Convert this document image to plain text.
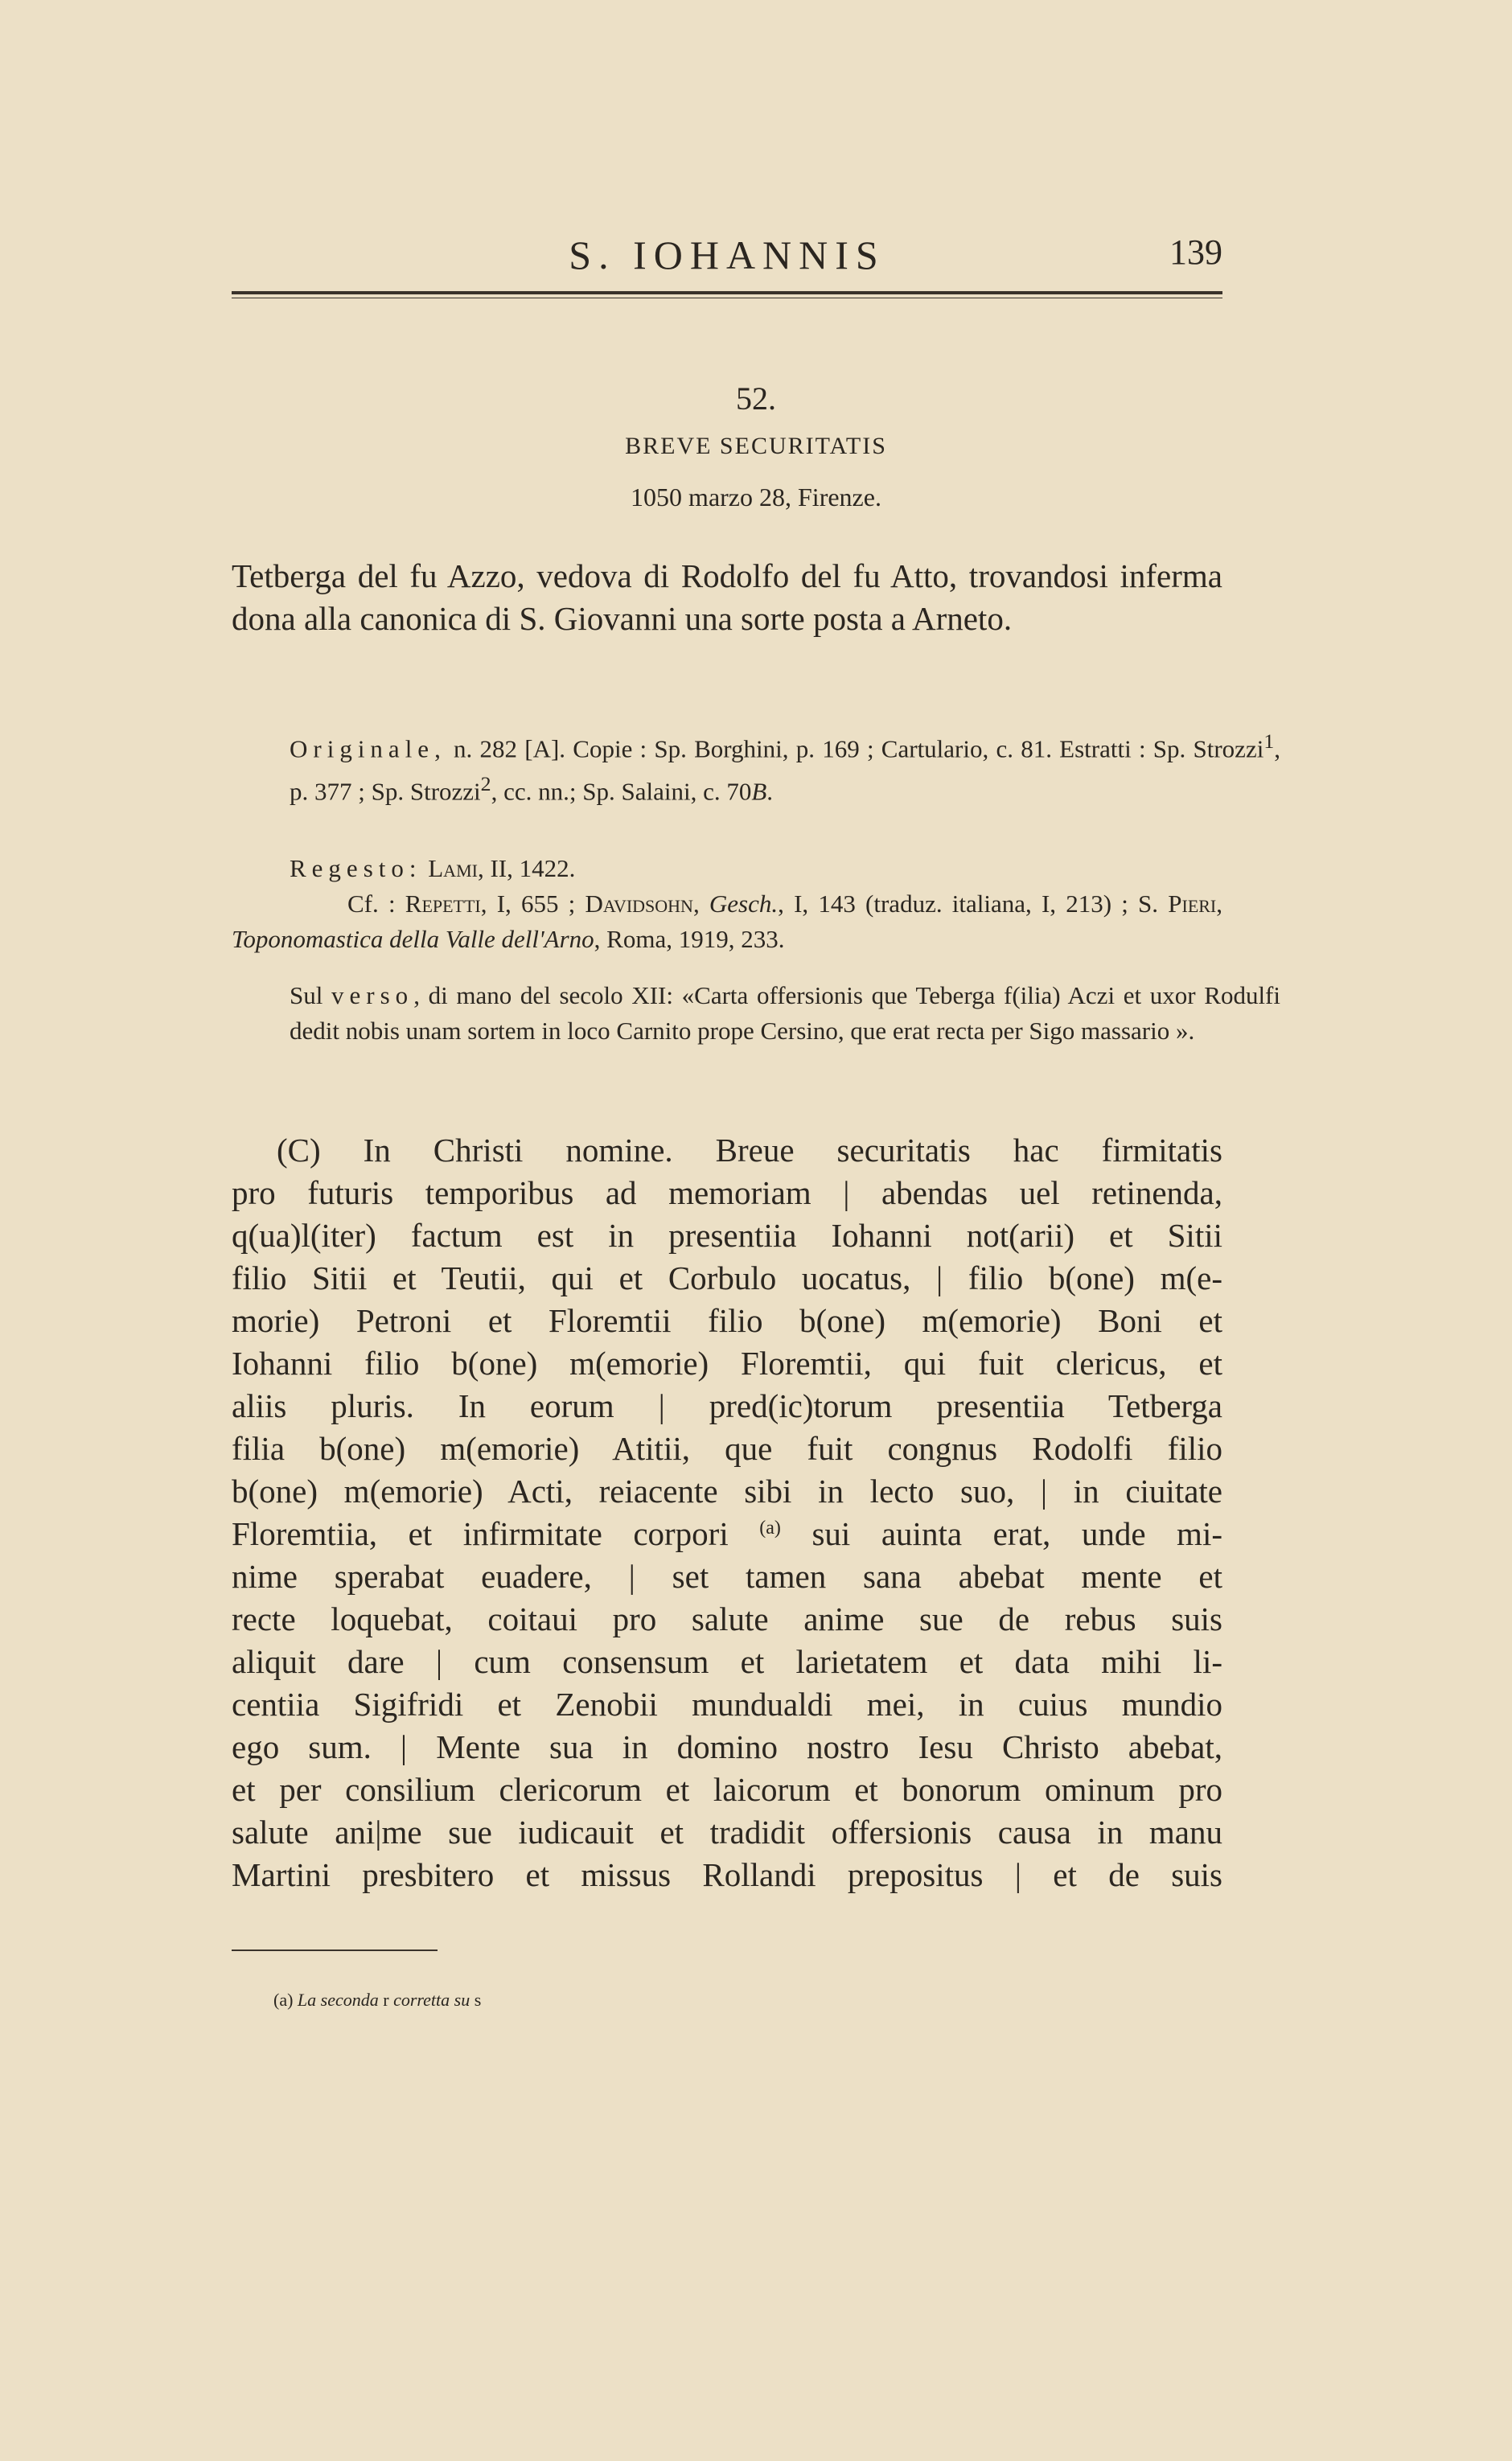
S. IOHANNIS	139
52.
BREVE SECURITATIS
1050 marzo 28, Firenze.

Tetberga del fu Azzo, vedova di Rodolfo del fu Atto, trovandosi inferma dona alla canonica di S. Giovanni una sorte posta a Arneto.

Originale, n. 282 [A]. Copie : Sp. Borghini, p. 169 ; Cartulario, c. 81. Estratti : Sp. Strozzi$^1$, p. 377 ; Sp. Strozzi$^2$, cc. nn.; Sp. Salaini, c. 70B.

Regesto: Lami, II, 1422.
Cf. : Repetti, I, 655 ; Davidsohn, Gesch., I, 143 (traduz. italiana, I, 213) ; S. Pieri, Toponomastica della Valle dell'Arno, Roma, 1919, 233.

Sul verso, di mano del secolo XII: «Carta offersionis que Teberga f(ilia) Aczi et uxor Rodulfi dedit nobis unam sortem in loco Carnito prope Cersino, que erat recta per Sigo massario ».

(C) In Christi nomine. Breue securitatis hac firmitatis
pro futuris temporibus ad memoriam | abendas uel retinenda,
q(ua)l(iter) factum est in presentiia Iohanni not(arii) et Sitii
filio Sitii et Teutii, qui et Corbulo uocatus, | filio b(one) m(e-
morie) Petroni et Floremtii filio b(one) m(emorie) Boni et
Iohanni filio b(one) m(emorie) Floremtii, qui fuit clericus, et
aliis pluris. In eorum | pred(ic)torum presentiia Tetberga
filia b(one) m(emorie) Atitii, que fuit congnus Rodolfi filio
b(one) m(emorie) Acti, reiacente sibi in lecto suo, | in ciuitate
Floremtiia, et infirmitate corpori $^{(a)}$ sui auinta erat, unde mi-
nime sperabat euadere, | set tamen sana abebat mente et
recte loquebat, coitaui pro salute anime sue de rebus suis
aliquit dare | cum consensum et larietatem et data mihi li-
centiia Sigifridi et Zenobii mundualdi mei, in cuius mundio
ego sum. | Mente sua in domino nostro Iesu Christo abebat,
et per consilium clericorum et laicorum et bonorum ominum pro
salute ani|me sue iudicauit et tradidit offersionis causa in manu
Martini presbitero et missus Rollandi prepositus | et de suis
(a) La seconda r corretta su s
